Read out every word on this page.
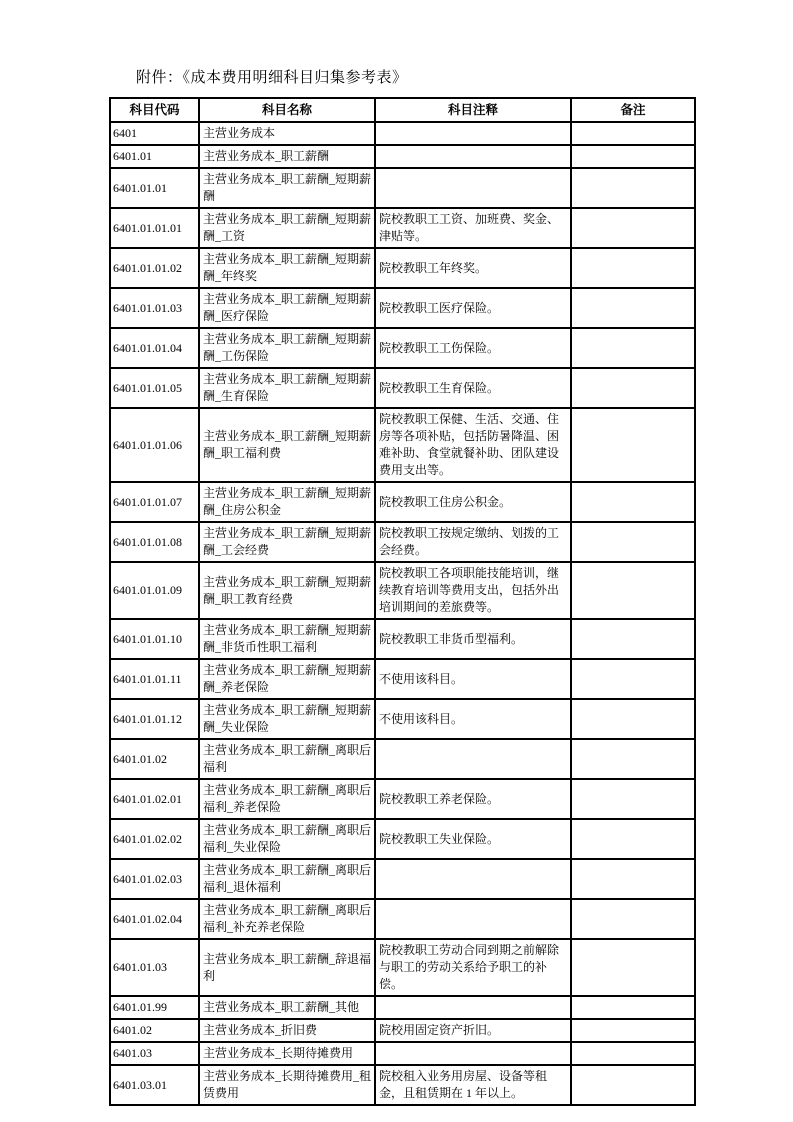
附件：《成本费用明细科目归集参考表》
科目代码	科目名称	科目注释	备注
6401	主营业务成本		
6401.01	主营业务成本_职工薪酬		
6401.01.01	主营业务成本_职工薪酬_短期薪酬		
6401.01.01.01	主营业务成本_职工薪酬_短期薪酬_工资	院校教职工工资、加班费、奖金、津贴等。	
6401.01.01.02	主营业务成本_职工薪酬_短期薪酬_年终奖	院校教职工年终奖。	
6401.01.01.03	主营业务成本_职工薪酬_短期薪酬_医疗保险	院校教职工医疗保险。	
6401.01.01.04	主营业务成本_职工薪酬_短期薪酬_工伤保险	院校教职工工伤保险。	
6401.01.01.05	主营业务成本_职工薪酬_短期薪酬_生育保险	院校教职工生育保险。	
6401.01.01.06	主营业务成本_职工薪酬_短期薪酬_职工福利费	院校教职工保健、生活、交通、住房等各项补贴，包括防暑降温、困难补助、食堂就餐补助、团队建设费用支出等。	
6401.01.01.07	主营业务成本_职工薪酬_短期薪酬_住房公积金	院校教职工住房公积金。	
6401.01.01.08	主营业务成本_职工薪酬_短期薪酬_工会经费	院校教职工按规定缴纳、划拨的工会经费。	
6401.01.01.09	主营业务成本_职工薪酬_短期薪酬_职工教育经费	院校教职工各项职能技能培训，继续教育培训等费用支出，包括外出培训期间的差旅费等。	
6401.01.01.10	主营业务成本_职工薪酬_短期薪酬_非货币性职工福利	院校教职工非货币型福利。	
6401.01.01.11	主营业务成本_职工薪酬_短期薪酬_养老保险	不使用该科目。	
6401.01.01.12	主营业务成本_职工薪酬_短期薪酬_失业保险	不使用该科目。	
6401.01.02	主营业务成本_职工薪酬_离职后福利		
6401.01.02.01	主营业务成本_职工薪酬_离职后福利_养老保险	院校教职工养老保险。	
6401.01.02.02	主营业务成本_职工薪酬_离职后福利_失业保险	院校教职工失业保险。	
6401.01.02.03	主营业务成本_职工薪酬_离职后福利_退休福利		
6401.01.02.04	主营业务成本_职工薪酬_离职后福利_补充养老保险		
6401.01.03	主营业务成本_职工薪酬_辞退福利	院校教职工劳动合同到期之前解除与职工的劳动关系给予职工的补偿。	
6401.01.99	主营业务成本_职工薪酬_其他		
6401.02	主营业务成本_折旧费	院校用固定资产折旧。	
6401.03	主营业务成本_长期待摊费用		
6401.03.01	主营业务成本_长期待摊费用_租赁费用	院校租入业务用房屋、设备等租金，且租赁期在 1 年以上。	
